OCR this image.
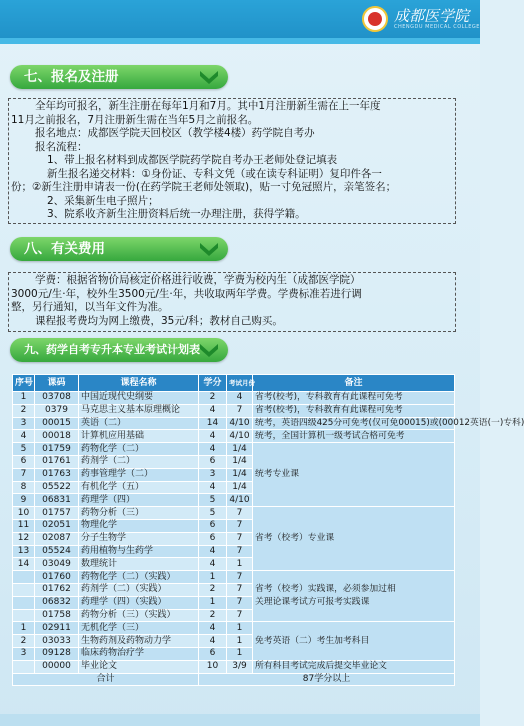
成都医学院
CHENGDU MEDICAL COLLEGE
七、报名及注册

全年均可报名，新生注册在每年1月和7月。其中1月注册新生需在上一年度

11月之前报名，7月注册新生需在当年5月之前报名。

报名地点：成都医学院天回校区（教学楼4楼）药学院自考办

报名流程：

1、带上报名材料到成都医学院药学院自考办王老师处登记填表

新生报名递交材料：①身份证、专科文凭（或在读专科证明）复印件各一

份；②新生注册申请表一份(在药学院王老师处领取)，贴一寸免冠照片，亲笔签名；

2、采集新生电子照片；

3、院系收齐新生注册资料后统一办理注册，获得学籍。

八、有关费用

学费：根据省物价局核定价格进行收费，学费为校内生（成都医学院）

3000元/生·年，校外生3500元/生·年，共收取两年学费。学费标准若进行调

整，另行通知，以当年文件为准。

课程报考费均为网上缴费，35元/科；教材自己购买。

九、药学自考专升本专业考试计划表
序号	课码	课程名称	学分	考试月份	备注
1	03708	中国近现代史纲要	2	4	省考(校考)，专科教育有此课程可免考
2	0379	马克思主义基本原理概论	4	7	省考(校考)，专科教育有此课程可免考
3	00015	英语（二）	14	4/10	统考，英语四级425分可免考(仅可免00015)或(00012英语(一)专科)
4	00018	计算机应用基础	4	4/10	统考，全国计算机一级考试合格可免考
5	01759	药物化学（二）	4	1/4	统考专业课
6	01761	药剂学（二）	6	1/4	
7	01763	药事管理学（二）	3	1/4	
8	05522	有机化学（五）	4	1/4	
9	06831	药理学（四）	5	4/10	
10	01757	药物分析（三）	5	7	省考（校考）专业课
11	02051	物理化学	6	7	
12	02087	分子生物学	6	7	
13	05524	药用植物与生药学	4	7	
14	03049	数理统计	4	1	
	01760	药物化学（二）（实践）	1	7	省考（校考）实践课，必须参加过相
关理论课考试方可报考实践课

	01762	药剂学（二）（实践）	2	7	
	06832	药理学（四）（实践）	1	7	
	01758	药物分析（三）（实践）	2	7	
1	02911	无机化学（三）	4	1	免考英语（二）考生加考科目
2	03033	生物药剂及药物动力学	4	1	
3	09128	临床药物治疗学	6	1	
	00000	毕业论文	10	3/9	所有科目考试完成后提交毕业论文
合计			87学分以上		
